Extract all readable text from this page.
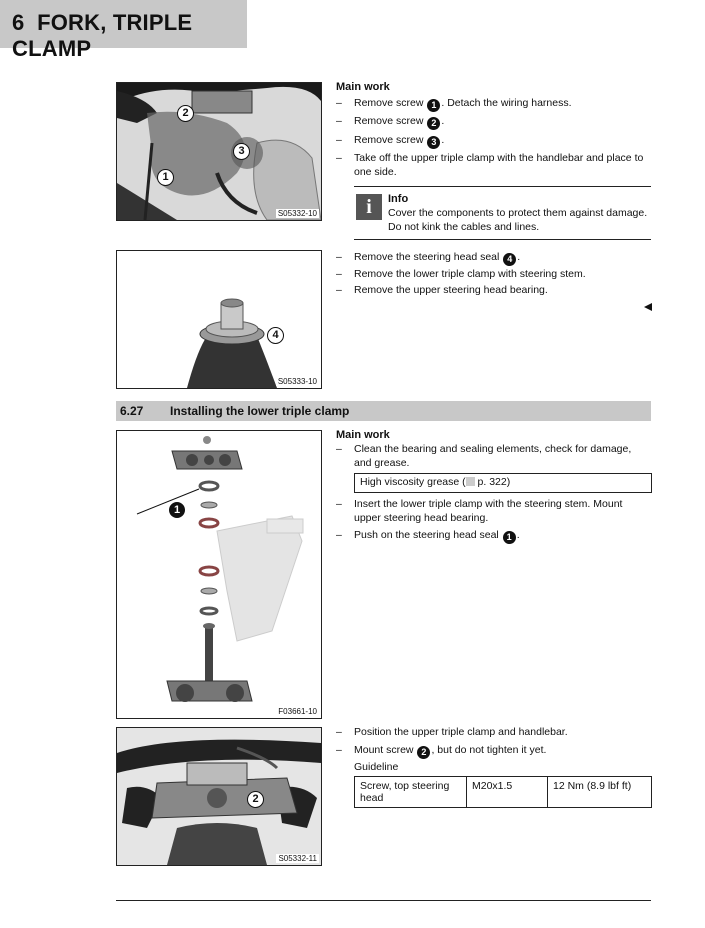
6 FORK, TRIPLE CLAMP
2
3
1
S05332-10
4
S05333-10
Main work
– Remove screw 1 . Detach the wiring harness.
– Remove screw 2 .
– Remove screw 3 .
– Take off the upper triple clamp with the handlebar and place to one side.
i	Info
Cover the components to protect them against damage. Do not kink the cables and lines.
– Remove the steering head seal 4 .
– Remove the lower triple clamp with steering stem.
– Remove the upper steering head bearing.
6.27 Installing the lower triple clamp
1
F03661-10
2
S05332-11
Main work
– Clean the bearing and sealing elements, check for damage, and grease.
High viscosity grease ( p. 322)
– Insert the lower triple clamp with the steering stem. Mount upper steering head bearing.
– Push on the steering head seal 1 .
– Position the upper triple clamp and handlebar.
– Mount screw 2 , but do not tighten it yet.
Guideline
Screw, top steering head
M20x1.5	12 Nm (8.9 lbf ft)
